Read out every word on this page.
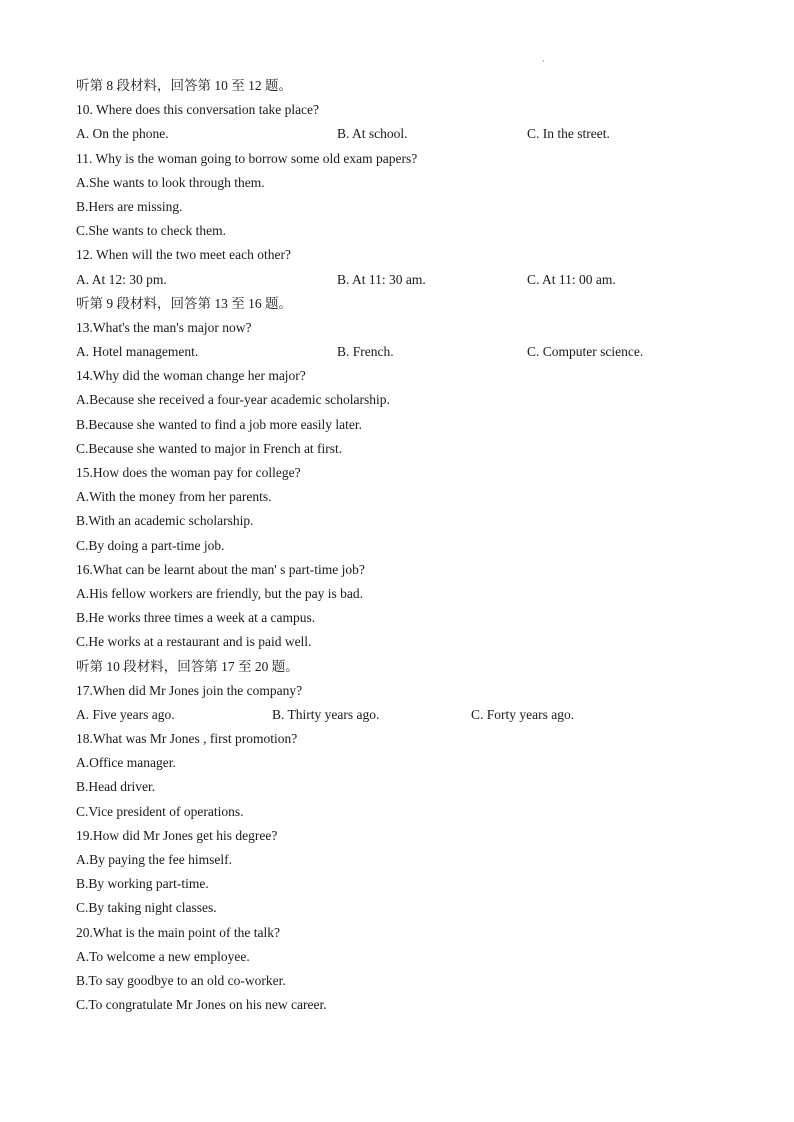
·
听第 8 段材料，回答第 10 至 12 题。
10. Where does this conversation take place?
A. On the phone.	B. At school.	C. In the street.
11. Why is the woman going to borrow some old exam papers?
A.She wants to look through them.
B.Hers are missing.
C.She wants to check them.
12. When will the two meet each other?
A. At 12: 30 pm.	B. At 11: 30 am.	C. At 11: 00 am.
听第 9 段材料，回答第 13 至 16 题。
13.What's the man's major now?
A. Hotel management.	B. French.	C. Computer science.
14.Why did the woman change her major?
A.Because she received a four-year academic scholarship.
B.Because she wanted to find a job more easily later.
C.Because she wanted to major in French at first.
15.How does the woman pay for college?
A.With the money from her parents.
B.With an academic scholarship.
C.By doing a part-time job.
16.What can be learnt about the man' s part-time job?
A.His fellow workers are friendly, but the pay is bad.
B.He works three times a week at a campus.
C.He works at a restaurant and is paid well.
听第 10 段材料，回答第 17 至 20 题。
17.When did Mr Jones join the company?
A. Five years ago.	B. Thirty years ago.	C. Forty years ago.
18.What was Mr Jones , first promotion?
A.Office manager.
B.Head driver.
C.Vice president of operations.
19.How did Mr Jones get his degree?
A.By paying the fee himself.
B.By working part-time.
C.By taking night classes.
20.What is the main point of the talk?
A.To welcome a new employee.
B.To say goodbye to an old co-worker.
C.To congratulate Mr Jones on his new career.
